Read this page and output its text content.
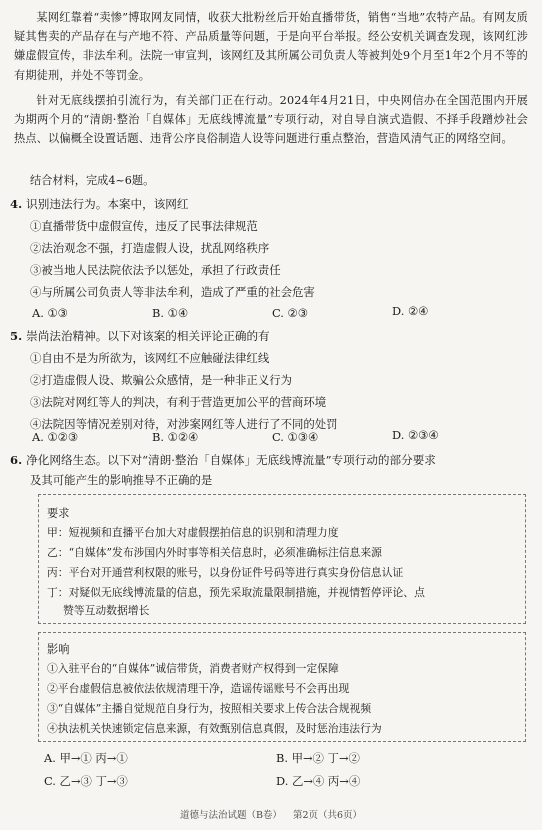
某网红靠着“卖惨”博取网友同情，收获大批粉丝后开始直播带货，销售“当地”农特产品。有网友质疑其售卖的产品存在与产地不符、产品质量等问题，于是向平台举报。经公安机关调查发现，该网红涉嫌虚假宣传，非法牟利。法院一审宣判，该网红及其所属公司负责人等被判处9个月至1年2个月不等的有期徒刑，并处不等罚金。
针对无底线摆拍引流行为，有关部门正在行动。2024年4月21日，中央网信办在全国范围内开展为期两个月的“清朗·整治「自媒体」无底线博流量”专项行动，对自导自演式造假、不择手段蹭炒社会热点、以偏概全设置话题、违背公序良俗制造人设等问题进行重点整治，营造风清气正的网络空间。
结合材料，完成4~6题。
4. 识别违法行为。本案中，该网红
①直播带货中虚假宣传，违反了民事法律规范
②法治观念不强，打造虚假人设，扰乱网络秩序
③被当地人民法院依法予以惩处，承担了行政责任
④与所属公司负责人等非法牟利，造成了严重的社会危害
A. ①③	B. ①④	C. ②③	D. ②④
5. 崇尚法治精神。以下对该案的相关评论正确的有
①自由不是为所欲为，该网红不应触碰法律红线
②打造虚假人设、欺骗公众感情，是一种非正义行为
③法院对网红等人的判决，有利于营造更加公平的营商环境
④法院因等情况差别对待，对涉案网红等人进行了不同的处罚
A. ①②③	B. ①②④	C. ①③④	D. ②③④
6. 净化网络生态。以下对“清朗·整治「自媒体」无底线博流量”专项行动的部分要求
及其可能产生的影响推导不正确的是
要求
甲：短视频和直播平台加大对虚假摆拍信息的识别和清理力度
乙：“自媒体”发布涉国内外时事等相关信息时，必须准确标注信息来源
丙：平台对开通营利权限的账号，以身份证件号码等进行真实身份信息认证
丁：对疑似无底线博流量的信息，预先采取流量限制措施，并视情暂停评论、点
赞等互动数据增长
影响
①入驻平台的“自媒体”诚信带货，消费者财产权得到一定保障
②平台虚假信息被依法依规清理干净，造谣传谣账号不会再出现
③“自媒体”主播自觉规范自身行为，按照相关要求上传合法合规视频
④执法机关快速锁定信息来源，有效甄别信息真假，及时惩治违法行为
A. 甲→① 丙→①	B. 甲→② 丁→②
C. 乙→③ 丁→③	D. 乙→④ 丙→④
道德与法治试题（B卷） 第2页（共6页）
